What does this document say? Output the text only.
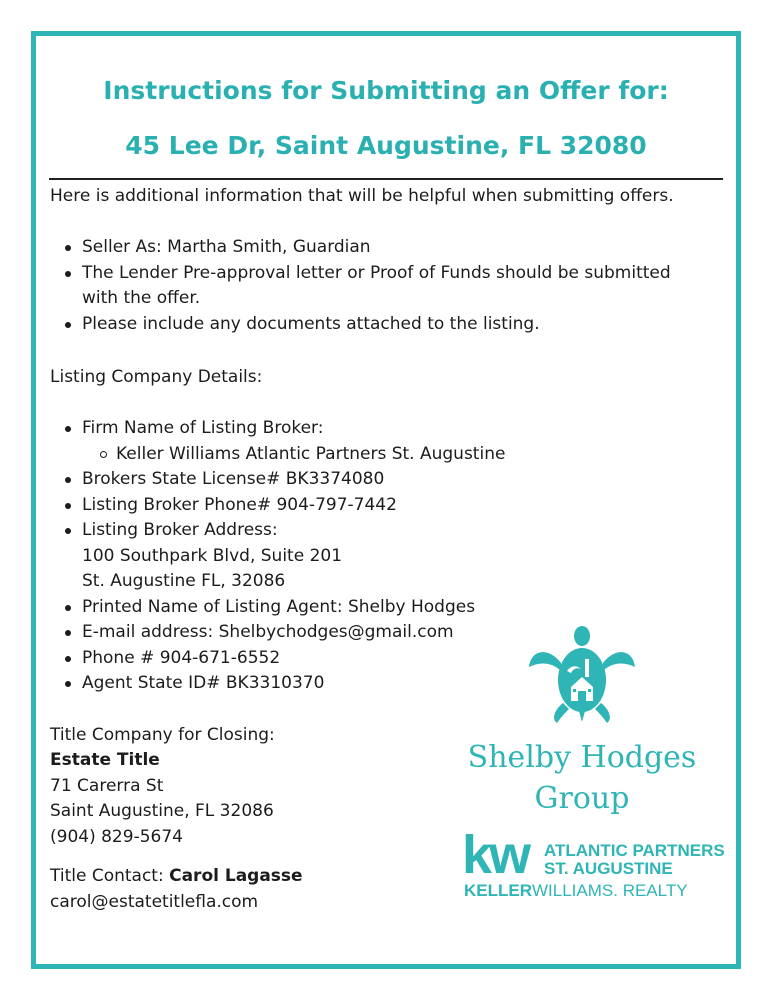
Instructions for Submitting an Offer for:
45 Lee Dr, Saint Augustine, FL 32080

Here is additional information that will be helpful when submitting offers.

Seller As: Martha Smith, Guardian
The Lender Pre-approval letter or Proof of Funds should be submitted
with the offer.
Please include any documents attached to the listing.

Listing Company Details:

Firm Name of Listing Broker:
Keller Williams Atlantic Partners St. Augustine
Brokers State License# BK3374080
Listing Broker Phone# 904-797-7442
Listing Broker Address:
100 Southpark Blvd, Suite 201
St. Augustine FL, 32086
Printed Name of Listing Agent: Shelby Hodges
E-mail address: Shelbychodges@gmail.com
Phone # 904-671-6552
Agent State ID# BK3310370

Title Company for Closing:

Estate Title

71 Carerra St

Saint Augustine, FL 32086

(904) 829-5674

Title Contact: Carol Lagasse

carol@estatetitlefla.com

Shelby Hodges
Group
kw ATLANTIC PARTNERS
ST. AUGUSTINE
KELLERWILLIAMS. REALTY
